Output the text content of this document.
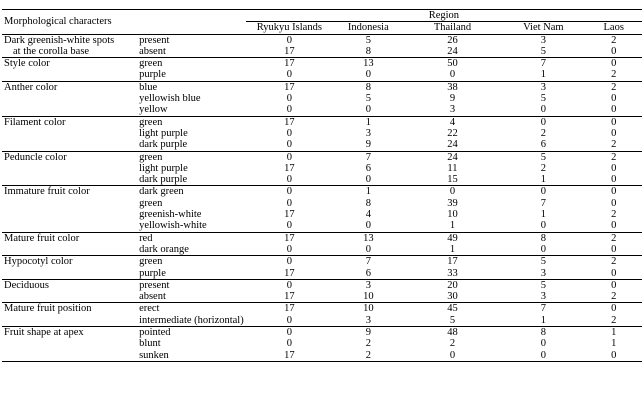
Morphological characters		Region				
		Ryukyu Islands	Indonesia	Thailand	Viet Nam	Laos
Dark greenish-white spots	present	0	5	26	3	2
at the corolla base	absent	17	8	24	5	0
Style color	green	17	13	50	7	0
	purple	0	0	0	1	2
Anther color	blue	17	8	38	3	2
	yellowish blue	0	5	9	5	0
	yellow	0	0	3	0	0
Filament color	green	17	1	4	0	0
	light purple	0	3	22	2	0
	dark purple	0	9	24	6	2
Peduncle color	green	0	7	24	5	2
	light purple	17	6	11	2	0
	dark purple	0	0	15	1	0
Immature fruit color	dark green	0	1	0	0	0
	green	0	8	39	7	0
	greenish-white	17	4	10	1	2
	yellowish-white	0	0	1	0	0
Mature fruit color	red	17	13	49	8	2
	dark orange	0	0	1	0	0
Hypocotyl color	green	0	7	17	5	2
	purple	17	6	33	3	0
Deciduous	present	0	3	20	5	0
	absent	17	10	30	3	2
Mature fruit position	erect	17	10	45	7	0
	intermediate (horizontal)	0	3	5	1	2
Fruit shape at apex	pointed	0	9	48	8	1
	blunt	0	2	2	0	1
	sunken	17	2	0	0	0
